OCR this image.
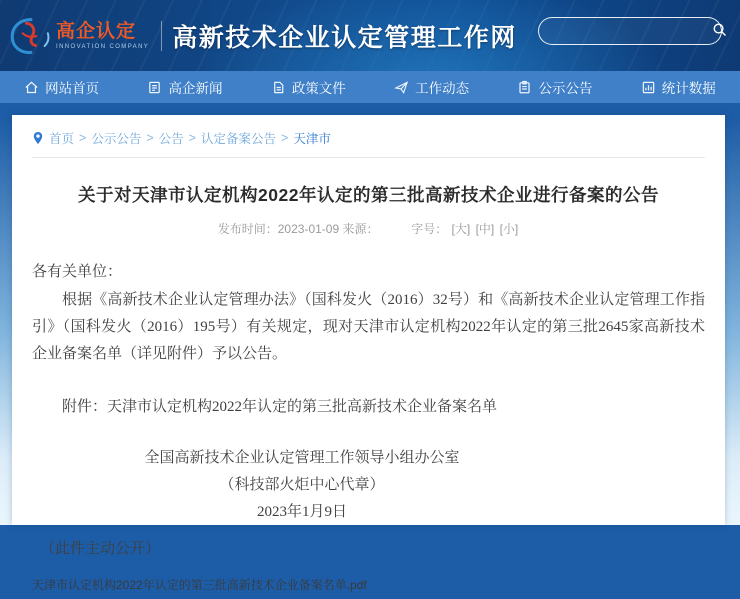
高企认定
INNOVATION COMPANY 高新技术企业认定管理工作网
网站首页	高企新闻	政策文件	工作动态	公示公告	统计数据
首页 > 公示公告 > 公告 > 认定备案公告 > 天津市
关于对天津市认定机构2022年认定的第三批高新技术企业进行备案的公告
发布时间：2023-01-09 来源：	字号： [大] [中] [小]
各有关单位：
根据《高新技术企业认定管理办法》（国科发火（2016）32号）和《高新技术企业认定管理工作指引》（国科发火（2016）195号）有关规定，现对天津市认定机构2022年认定的第三批2645家高新技术企业备案名单（详见附件）予以公告。
附件：天津市认定机构2022年认定的第三批高新技术企业备案名单
全国高新技术企业认定管理工作领导小组办公室
（科技部火炬中心代章）
2023年1月9日
（此件主动公开）
天津市认定机构2022年认定的第三批高新技术企业备案名单.pdf
